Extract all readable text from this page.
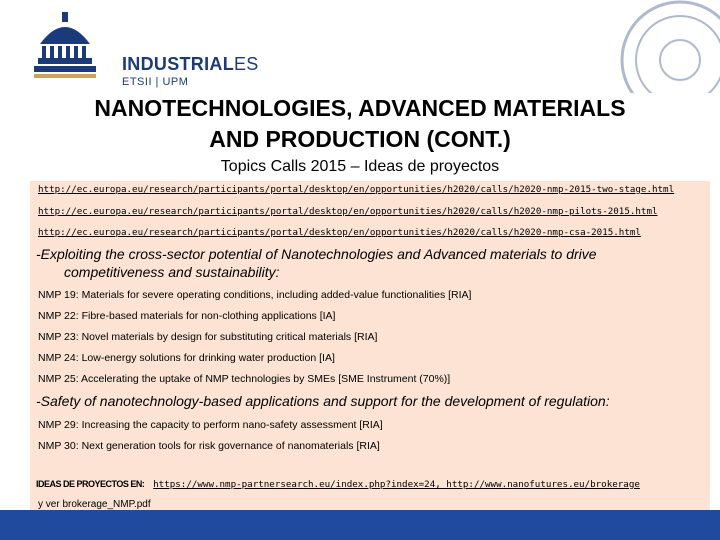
INDUSTRIALES
ETSII | UPM
NANOTECHNOLOGIES, ADVANCED MATERIALS
AND PRODUCTION (CONT.)
Topics Calls 2015 – Ideas de proyectos
http://ec.europa.eu/research/participants/portal/desktop/en/opportunities/h2020/calls/h2020-nmp-2015-two-stage.html
http://ec.europa.eu/research/participants/portal/desktop/en/opportunities/h2020/calls/h2020-nmp-pilots-2015.html
http://ec.europa.eu/research/participants/portal/desktop/en/opportunities/h2020/calls/h2020-nmp-csa-2015.html
-Exploiting the cross-sector potential of Nanotechnologies and Advanced materials to drive
competitiveness and sustainability:
NMP 19: Materials for severe operating conditions, including added-value functionalities [RIA]
NMP 22: Fibre-based materials for non-clothing applications [IA]
NMP 23: Novel materials by design for substituting critical materials [RIA]
NMP 24: Low-energy solutions for drinking water production [IA]
NMP 25: Accelerating the uptake of NMP technologies by SMEs [SME Instrument (70%)]
-Safety of nanotechnology-based applications and support for the development of regulation:
NMP 29: Increasing the capacity to perform nano-safety assessment [RIA]
NMP 30: Next generation tools for risk governance of nanomaterials [RIA]
IDEAS DE PROYECTOS EN: https://www.nmp-partnersearch.eu/index.php?index=24, http://www.nanofutures.eu/brokerage
y ver brokerage_NMP.pdf
